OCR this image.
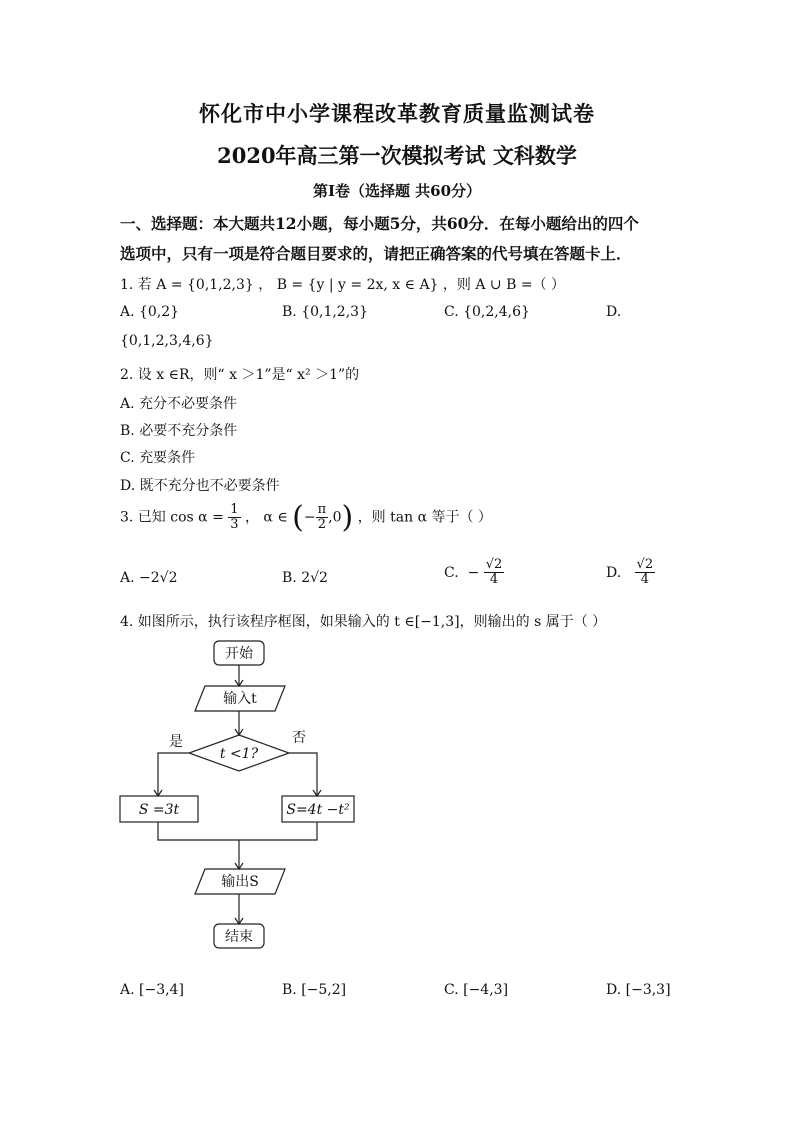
怀化市中小学课程改革教育质量监测试卷
2020年高三第一次模拟考试 文科数学
第Ⅰ卷（选择题 共60分）
一、选择题：本大题共12小题，每小题5分，共60分．在每小题给出的四个
选项中，只有一项是符合题目要求的，请把正确答案的代号填在答题卡上．
1. 若 A = {0,1,2,3} ， B = {y | y = 2x, x ∈ A} ，则 A ∪ B =（ ）
A. {0,2}	B. {0,1,2,3}	C. {0,2,4,6}	D.
{0,1,2,3,4,6}
2. 设 x ∈R，则“ x ＞1”是“ x² ＞1”的
A. 充分不必要条件
B. 必要不充分条件
C. 充要条件
D. 既不充分也不必要条件
3. 已知 $\cos \alpha = \frac{1}{3}$ ， α ∈ (− $\frac{\pi}{2} ,0$) ，则 tan α 等于（ ）
A. −2√2	B. 2√2	C.  − $\frac{√2}{4}$	D. $\frac{√2}{4}$
4. 如图所示，执行该程序框图，如果输入的 t ∈[−1,3]，则输出的 s 属于（ ）
开始
输入t
t <1?
是	否
S =3t	S=4t −t²
输出S
结束
A. [−3,4]	B. [−5,2]	C. [−4,3]	D. [−3,3]
